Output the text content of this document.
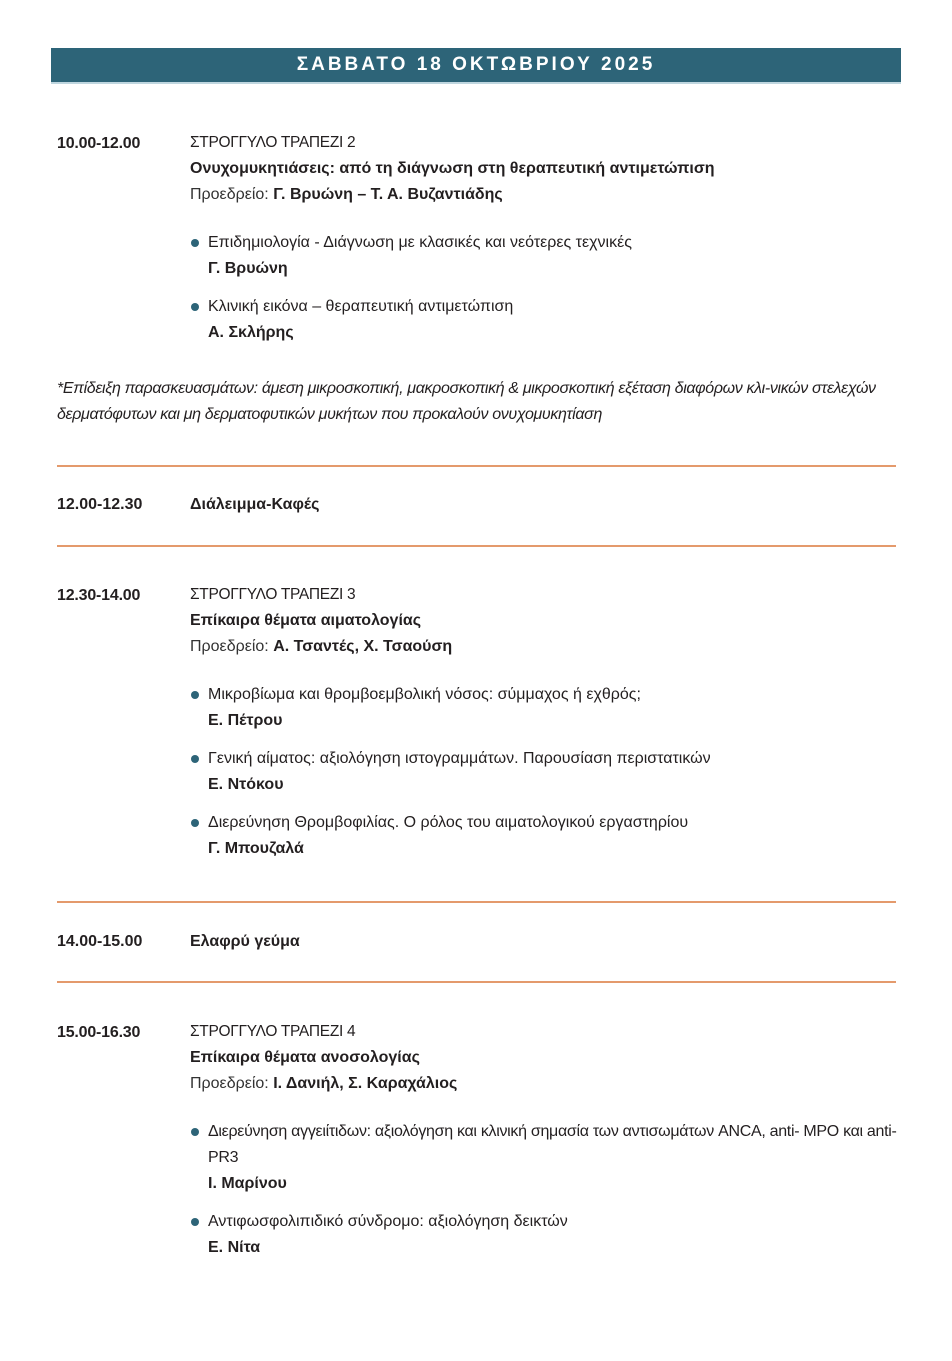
ΣΑΒΒΑΤΟ 18 ΟΚΤΩΒΡΙΟΥ 2025
10.00-12.00	ΣΤΡΟΓΓΥΛΟ ΤΡΑΠΕΖΙ 2
Ονυχομυκητιάσεις: από τη διάγνωση στη θεραπευτική αντιμετώπιση
Προεδρείο: Γ. Βρυώνη – Τ. Α. Βυζαντιάδης
Επιδημιολογία - Διάγνωση με κλασικές και νεότερες τεχνικές
Γ. Βρυώνη
Κλινική εικόνα – θεραπευτική αντιμετώπιση
Α. Σκλήρης
*Επίδειξη παρασκευασμάτων: άμεση μικροσκοπική, μακροσκοπική & μικροσκοπική εξέταση διαφόρων κλι-νικών στελεχών δερματόφυτων και μη δερματοφυτικών μυκήτων που προκαλούν ονυχομυκητίαση
12.00-12.30	Διάλειμμα-Καφές
12.30-14.00	ΣΤΡΟΓΓΥΛΟ ΤΡΑΠΕΖΙ 3
Επίκαιρα θέματα αιματολογίας
Προεδρείο: Α. Τσαντές, Χ. Τσαούση
Μικροβίωμα και θρομβοεμβολική νόσος: σύμμαχος ή εχθρός;
Ε. Πέτρου
Γενική αίματος: αξιολόγηση ιστογραμμάτων. Παρουσίαση περιστατικών
Ε. Ντόκου
Διερεύνηση Θρομβοφιλίας. Ο ρόλος του αιματολογικού εργαστηρίου
Γ. Μπουζαλά
14.00-15.00	Ελαφρύ γεύμα
15.00-16.30	ΣΤΡΟΓΓΥΛΟ ΤΡΑΠΕΖΙ 4
Επίκαιρα θέματα ανοσολογίας
Προεδρείο: Ι. Δανιήλ, Σ. Καραχάλιος
Διερεύνηση αγγειίτιδων: αξιολόγηση και κλινική σημασία των αντισωμάτων ANCA, anti- MPO και anti-PR3
Ι. Μαρίνου
Αντιφωσφολιπιδικό σύνδρομο: αξιολόγηση δεικτών
Ε. Νίτα
